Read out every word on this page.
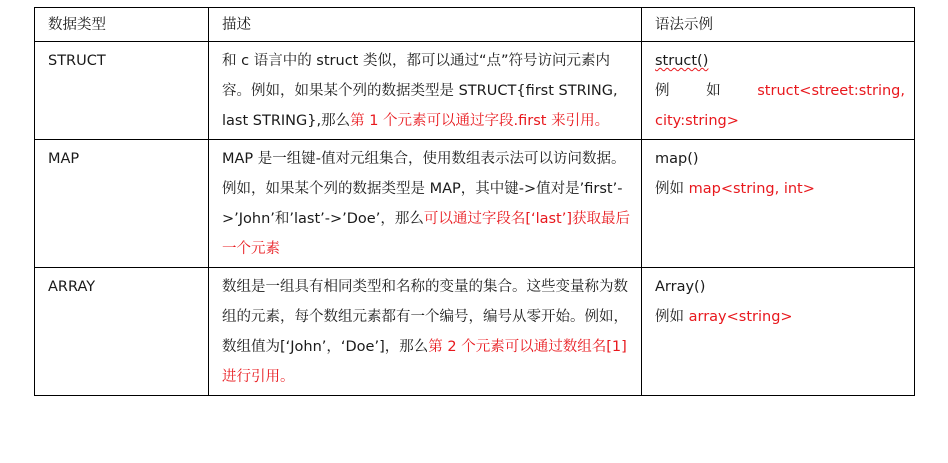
数据类型	描述	语法示例
STRUCT	和 c 语言中的 struct 类似，都可以通过“点”符号访问元素内容。例如，如果某个列的数据类型是 STRUCT{first STRING, last STRING},那么第 1 个元素可以通过字段.first 来引用。	struct()
例 如 struct<street:string,
city:string>

MAP	MAP 是一组键-值对元组集合，使用数组表示法可以访问数据。例如，如果某个列的数据类型是 MAP，其中键->值对是’first’->’John’和’last’->’Doe’，那么可以通过字段名[‘last’]获取最后一个元素	map()
例如 map<string, int>

ARRAY	数组是一组具有相同类型和名称的变量的集合。这些变量称为数组的元素，每个数组元素都有一个编号，编号从零开始。例如，数组值为[‘John’，‘Doe’]，那么第 2 个元素可以通过数组名[1]进行引用。	Array()
例如 array<string>
